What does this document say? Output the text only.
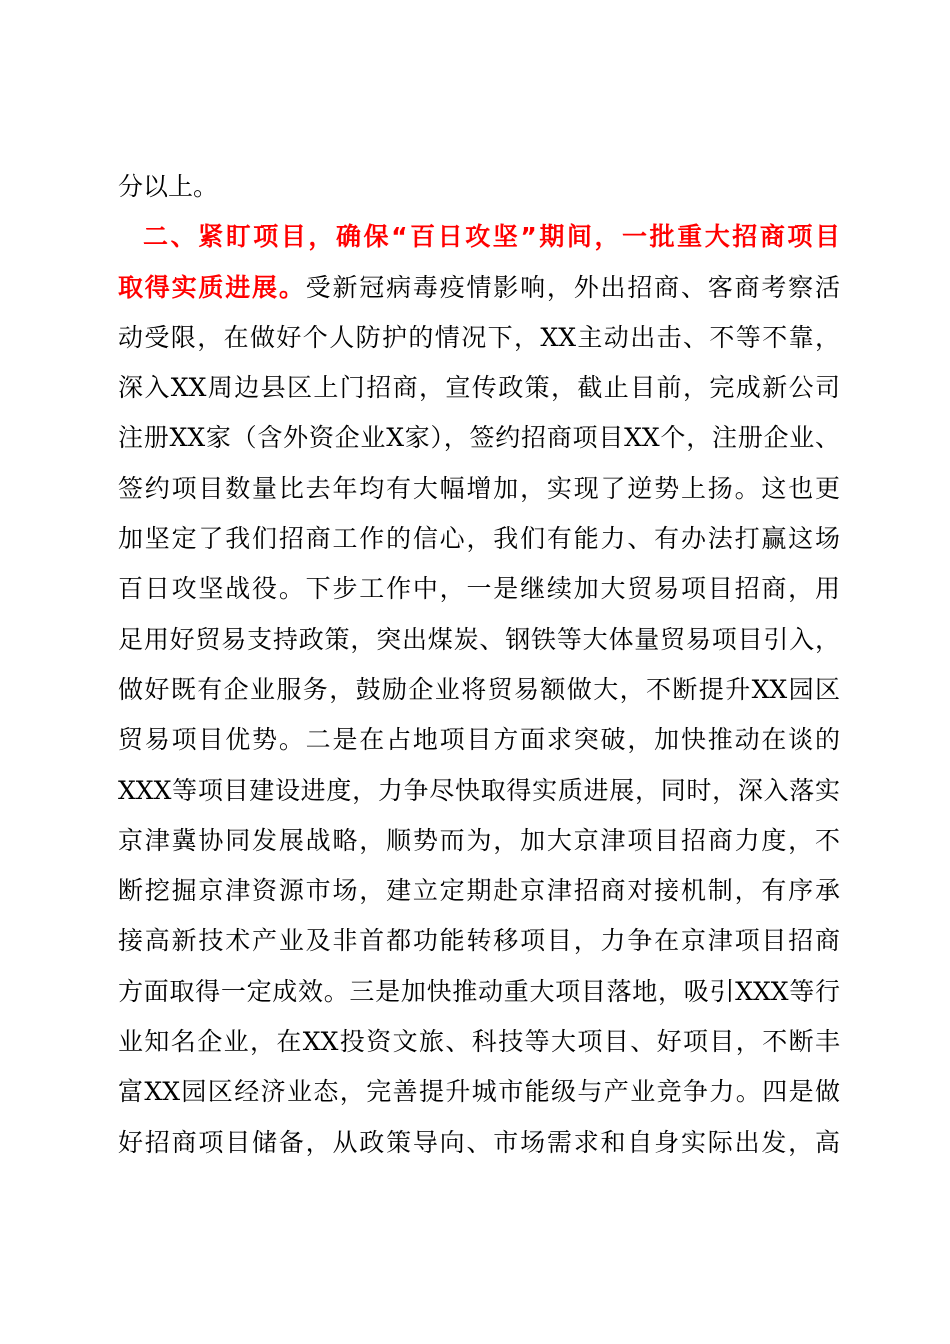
分以上。
二、紧盯项目，确保“百日攻坚”期间，一批重大招商项目
取得实质进展。受新冠病毒疫情影响，外出招商、客商考察活
动受限，在做好个人防护的情况下，XX主动出击、不等不靠，
深入XX周边县区上门招商，宣传政策，截止目前，完成新公司
注册XX家（含外资企业X家），签约招商项目XX个，注册企业、
签约项目数量比去年均有大幅增加，实现了逆势上扬。这也更
加坚定了我们招商工作的信心，我们有能力、有办法打赢这场
百日攻坚战役。下步工作中，一是继续加大贸易项目招商，用
足用好贸易支持政策，突出煤炭、钢铁等大体量贸易项目引入，
做好既有企业服务，鼓励企业将贸易额做大，不断提升XX园区
贸易项目优势。二是在占地项目方面求突破，加快推动在谈的
XXX等项目建设进度，力争尽快取得实质进展，同时，深入落实
京津冀协同发展战略，顺势而为，加大京津项目招商力度，不
断挖掘京津资源市场，建立定期赴京津招商对接机制，有序承
接高新技术产业及非首都功能转移项目，力争在京津项目招商
方面取得一定成效。三是加快推动重大项目落地，吸引XXX等行
业知名企业，在XX投资文旅、科技等大项目、好项目，不断丰
富XX园区经济业态，完善提升城市能级与产业竞争力。四是做
好招商项目储备，从政策导向、市场需求和自身实际出发，高
